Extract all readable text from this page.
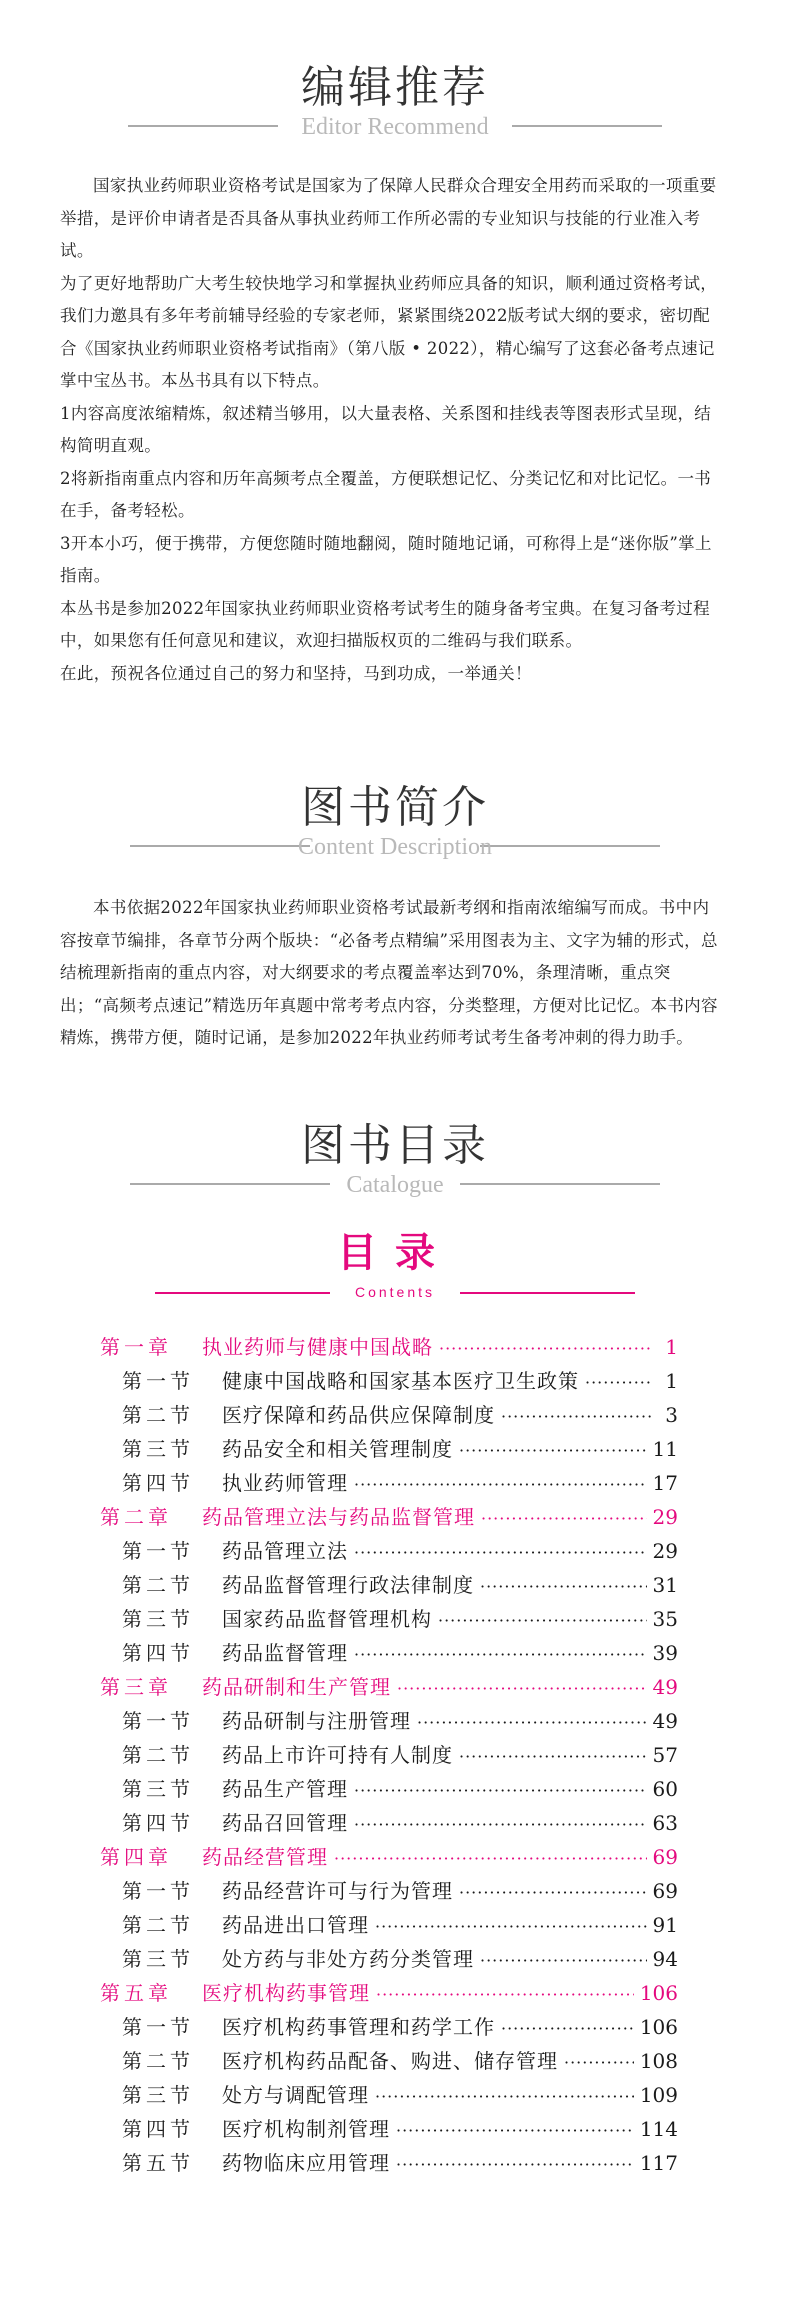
编辑推荐
Editor Recommend

国家执业药师职业资格考试是国家为了保障人民群众合理安全用药而采取的一项重要举措，是评价申请者是否具备从事执业药师工作所必需的专业知识与技能的行业准入考试。

为了更好地帮助广大考生较快地学习和掌握执业药师应具备的知识，顺利通过资格考试，我们力邀具有多年考前辅导经验的专家老师，紧紧围绕2022版考试大纲的要求，密切配合《国家执业药师职业资格考试指南》（第八版 • 2022），精心编写了这套必备考点速记掌中宝丛书。本丛书具有以下特点。

1内容高度浓缩精炼，叙述精当够用，以大量表格、关系图和挂线表等图表形式呈现，结构简明直观。

2将新指南重点内容和历年高频考点全覆盖，方便联想记忆、分类记忆和对比记忆。一书在手，备考轻松。

3开本小巧，便于携带，方便您随时随地翻阅，随时随地记诵，可称得上是“迷你版”掌上指南。

本丛书是参加2022年国家执业药师职业资格考试考生的随身备考宝典。在复习备考过程中，如果您有任何意见和建议，欢迎扫描版权页的二维码与我们联系。

在此，预祝各位通过自己的努力和坚持，马到功成，一举通关！

图书简介
Content Description

本书依据2022年国家执业药师职业资格考试最新考纲和指南浓缩编写而成。书中内容按章节编排，各章节分两个版块：“必备考点精编”采用图表为主、文字为辅的形式，总结梳理新指南的重点内容，对大纲要求的考点覆盖率达到70%，条理清晰，重点突出；“高频考点速记”精选历年真题中常考考点内容，分类整理，方便对比记忆。本书内容精炼，携带方便，随时记诵，是参加2022年执业药师考试考生备考冲刺的得力助手。

图书目录
Catalogue
目录
Contents
第一章	执业药师与健康中国战略 ·····	1
第一节	健康中国战略和国家基本医疗卫生政策 ·····	1
第二节	医疗保障和药品供应保障制度 ·····	3
第三节	药品安全和相关管理制度 ·····	11
第四节	执业药师管理 ·····	17
第二章	药品管理立法与药品监督管理 ·····	29
第一节	药品管理立法 ·····	29
第二节	药品监督管理行政法律制度 ·····	31
第三节	国家药品监督管理机构 ·····	35
第四节	药品监督管理 ·····	39
第三章	药品研制和生产管理 ·····	49
第一节	药品研制与注册管理 ·····	49
第二节	药品上市许可持有人制度 ·····	57
第三节	药品生产管理 ·····	60
第四节	药品召回管理 ·····	63
第四章	药品经营管理 ·····	69
第一节	药品经营许可与行为管理 ·····	69
第二节	药品进出口管理 ·····	91
第三节	处方药与非处方药分类管理 ·····	94
第五章	医疗机构药事管理 ·····	106
第一节	医疗机构药事管理和药学工作 ·····	106
第二节	医疗机构药品配备、购进、储存管理 ·····	108
第三节	处方与调配管理 ·····	109
第四节	医疗机构制剂管理 ·····	114
第五节	药物临床应用管理 ·····	117
